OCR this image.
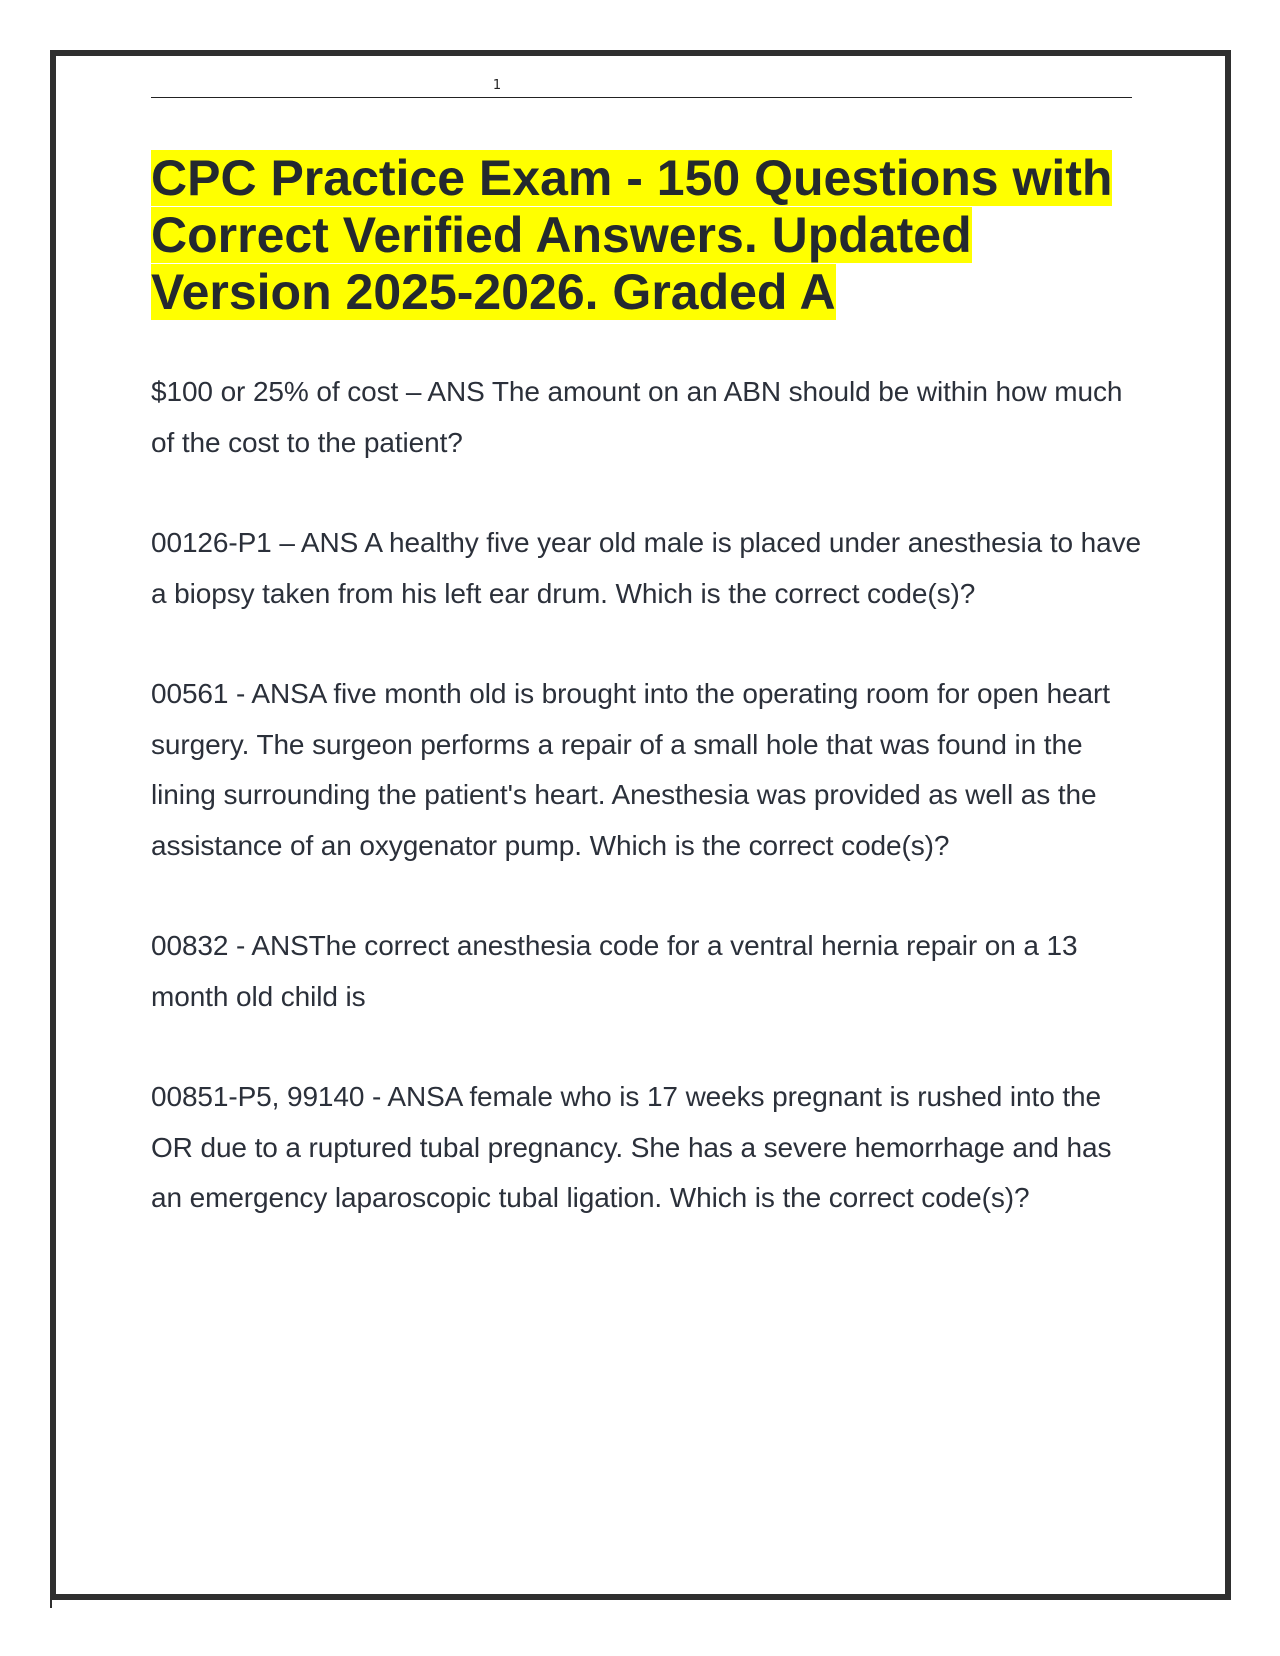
1
CPC Practice Exam - 150 Questions with Correct Verified Answers. Updated Version 2025-2026. Graded A

$100 or 25% of cost – ANS The amount on an ABN should be within how much of the cost to the patient?

00126-P1 – ANS A healthy five year old male is placed under anesthesia to have a biopsy taken from his left ear drum. Which is the correct code(s)?

00561 - ANSA five month old is brought into the operating room for open heart surgery. The surgeon performs a repair of a small hole that was found in the lining surrounding the patient's heart. Anesthesia was provided as well as the assistance of an oxygenator pump. Which is the correct code(s)?

00832 - ANSThe correct anesthesia code for a ventral hernia repair on a 13 month old child is

00851-P5, 99140 - ANSA female who is 17 weeks pregnant is rushed into the OR due to a ruptured tubal pregnancy. She has a severe hemorrhage and has an emergency laparoscopic tubal ligation. Which is the correct code(s)?
